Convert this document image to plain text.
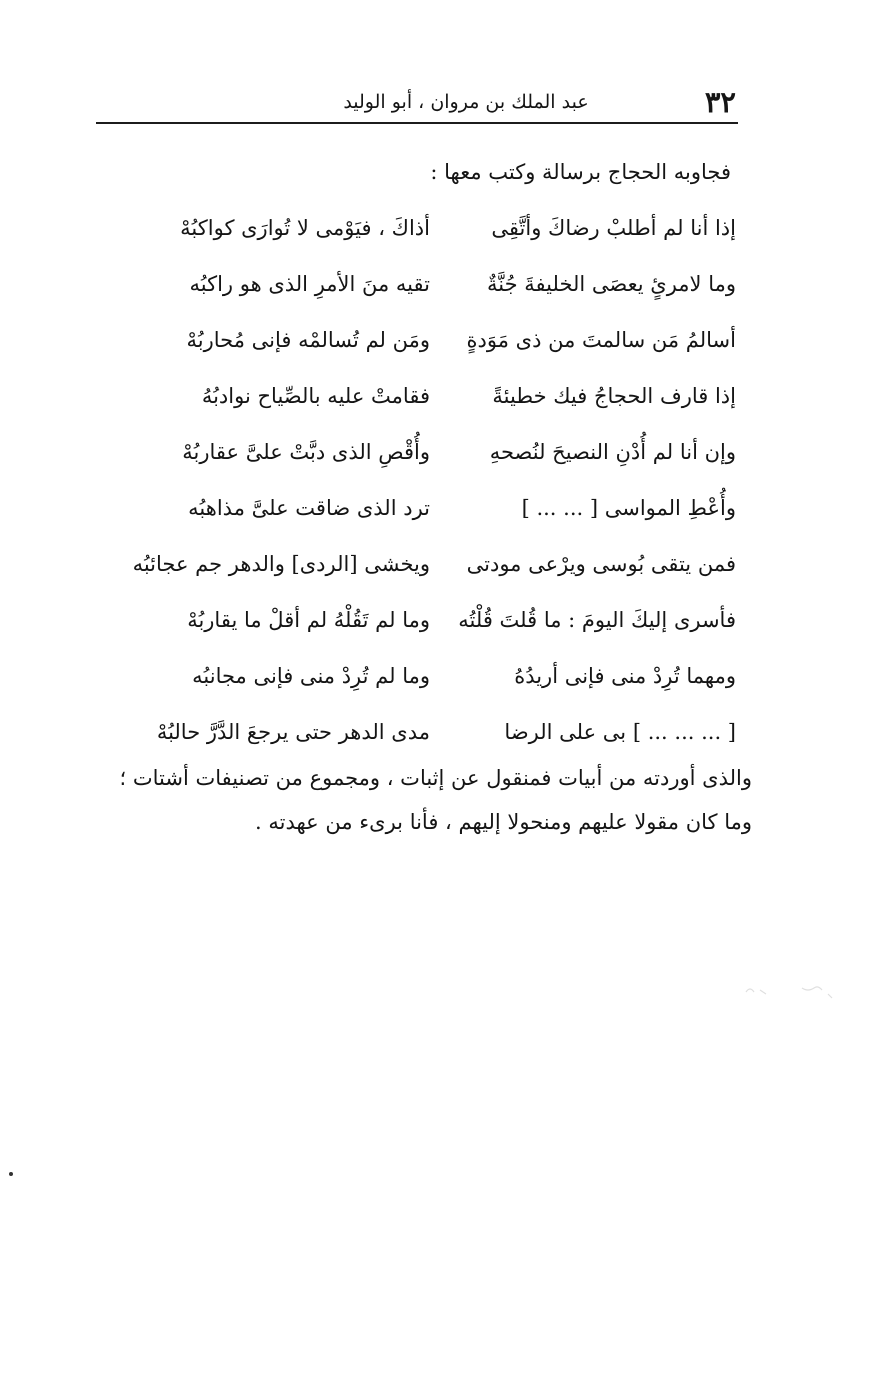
٣٢
عبد الملك بن مروان ، أبو الوليد
فجاوبه الحجاج برسالة وكتب معها :
إذا أنا لم أطلبْ رضاكَ وأتَّقِى
أذاكَ ، فيَوْمى لا تُوارَى كواكبُهْ
وما لامرئٍ يعصَى الخليفةَ جُنَّةٌ
تقيه منَ الأمرِ الذى هو راكبُه
أسالمُ مَن سالمتَ من ذى مَوَدةٍ
ومَن لم تُسالمْه فإنى مُحاربُهْ
إذا قارف الحجاجُ فيك خطيئةً
فقامتْ عليه بالصِّياح نوادبُهُ
وإن أنا لم أُدْنِ النصيحَ لنُصحهِ
وأُقْصِ الذى دبَّتْ علىَّ عقاربُهْ
وأُعْطِ المواسى [ ... ... ]
ترد الذى ضاقت علىَّ مذاهبُه
فمن يتقى بُوسى ويرْعى مودتى
ويخشى [الردى] والدهر جم عجائبُه
فأسرى إليكَ اليومَ : ما قُلتَ قُلْتُه
وما لم تَقُلْهُ لم أقلْ ما يقاربُهْ
ومهما تُرِدْ منى فإنى أريدُهُ
وما لم تُرِدْ منى فإنى مجانبُه
[ ... ... ... ] بى على الرضا
مدى الدهر حتى يرجعَ الدَّرَّ حالبُهْ
والذى أوردته من أبيات فمنقول عن إثبات ، ومجموع من تصنيفات أشتات ؛
وما كان مقولا عليهم ومنحولا إليهم ، فأنا برىء من عهدته .
